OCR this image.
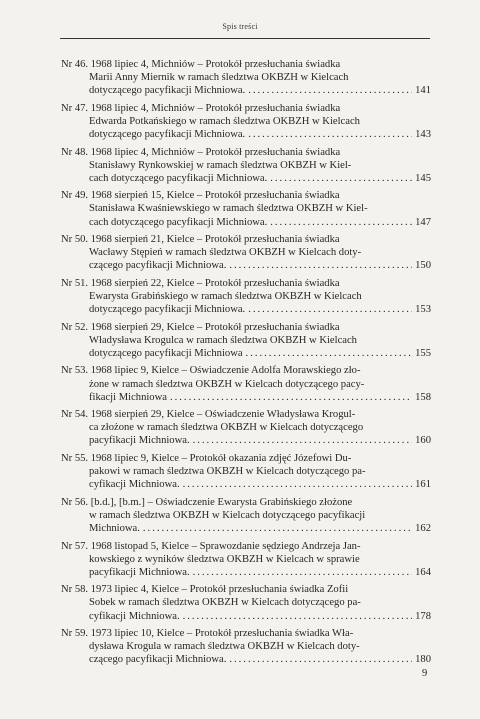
Spis treści
Nr 46. 1968 lipiec 4, Michniów – Protokół przesłuchania świadka
Marii Anny Miernik w ramach śledztwa OKBZH w Kielcach
dotyczącego pacyfikacji Michniowa. .....	141
Nr 47. 1968 lipiec 4, Michniów – Protokół przesłuchania świadka
Edwarda Potkańskiego w ramach śledztwa OKBZH w Kielcach
dotyczącego pacyfikacji Michniowa. .....	143
Nr 48. 1968 lipiec 4, Michniów – Protokół przesłuchania świadka
Stanisławy Rynkowskiej w ramach śledztwa OKBZH w Kiel-
cach dotyczącego pacyfikacji Michniowa. .....	145
Nr 49. 1968 sierpień 15, Kielce – Protokół przesłuchania świadka
Stanisława Kwaśniewskiego w ramach śledztwa OKBZH w Kiel-
cach dotyczącego pacyfikacji Michniowa. .....	147
Nr 50. 1968 sierpień 21, Kielce – Protokół przesłuchania świadka
Wacławy Stępień w ramach śledztwa OKBZH w Kielcach doty-
czącego pacyfikacji Michniowa. .....	150
Nr 51. 1968 sierpień 22, Kielce – Protokół przesłuchania świadka
Ewarysta Grabińskiego w ramach śledztwa OKBZH w Kielcach
dotyczącego pacyfikacji Michniowa. .....	153
Nr 52. 1968 sierpień 29, Kielce – Protokół przesłuchania świadka
Władysława Krogulca w ramach śledztwa OKBZH w Kielcach
dotyczącego pacyfikacji Michniowa .....	155
Nr 53. 1968 lipiec 9, Kielce – Oświadczenie Adolfa Morawskiego zło-
żone w ramach śledztwa OKBZH w Kielcach dotyczącego pacy-
fikacji Michniowa .....	158
Nr 54. 1968 sierpień 29, Kielce – Oświadczenie Władysława Krogul-
ca złożone w ramach śledztwa OKBZH w Kielcach dotyczącego
pacyfikacji Michniowa. .....	160
Nr 55. 1968 lipiec 9, Kielce – Protokół okazania zdjęć Józefowi Du-
pakowi w ramach śledztwa OKBZH w Kielcach dotyczącego pa-
cyfikacji Michniowa. .....	161
Nr 56. [b.d.], [b.m.] – Oświadczenie Ewarysta Grabińskiego złożone
w ramach śledztwa OKBZH w Kielcach dotyczącego pacyfikacji
Michniowa. .....	162
Nr 57. 1968 listopad 5, Kielce – Sprawozdanie sędziego Andrzeja Jan-
kowskiego z wyników śledztwa OKBZH w Kielcach w sprawie
pacyfikacji Michniowa. .....	164
Nr 58. 1973 lipiec 4, Kielce – Protokół przesłuchania świadka Zofii
Sobek w ramach śledztwa OKBZH w Kielcach dotyczącego pa-
cyfikacji Michniowa. .....	178
Nr 59. 1973 lipiec 10, Kielce – Protokół przesłuchania świadka Wła-
dysława Krogula w ramach śledztwa OKBZH w Kielcach doty-
czącego pacyfikacji Michniowa. .....	180
9
